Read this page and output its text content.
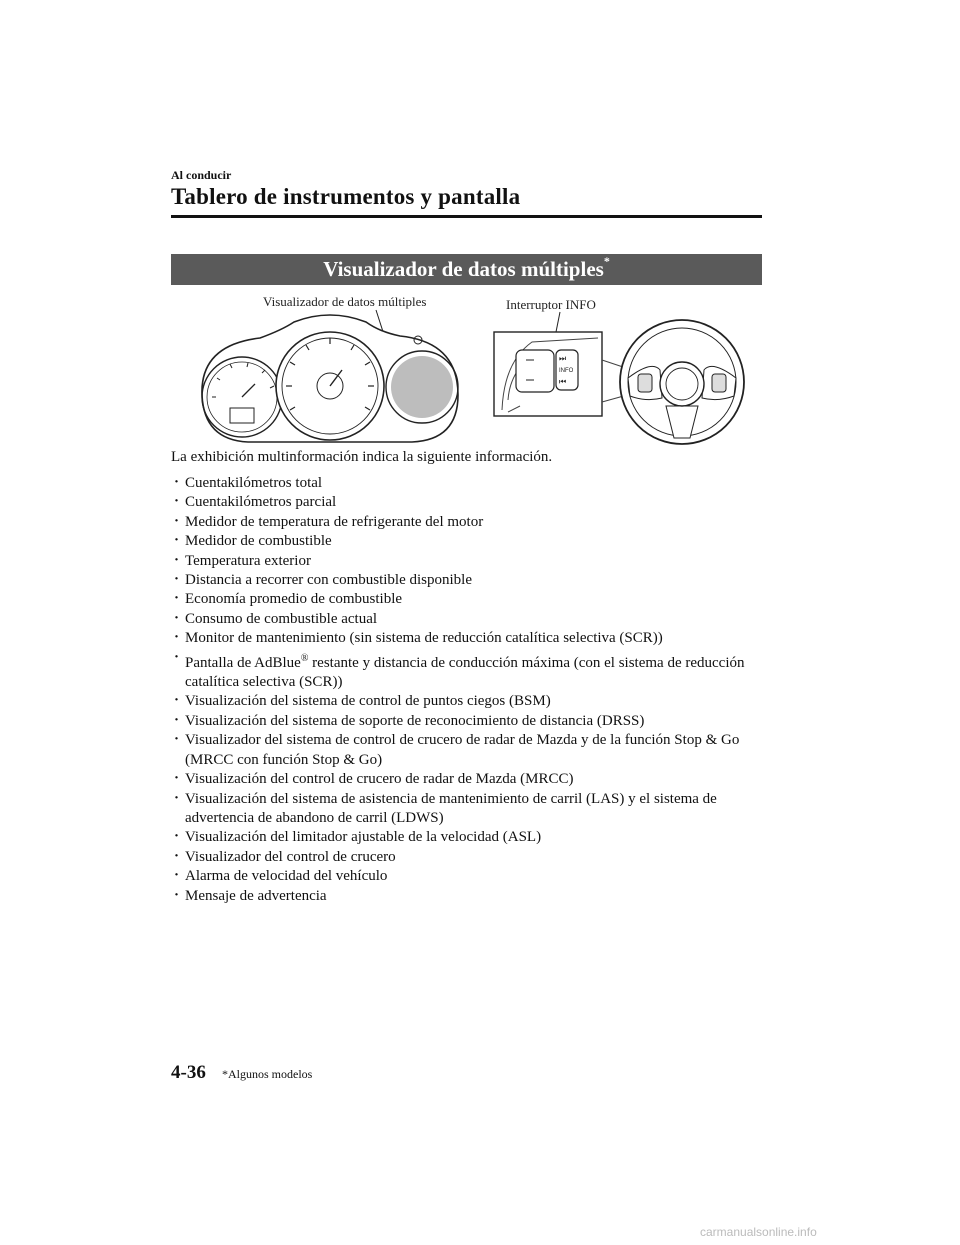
Al conducir
Tablero de instrumentos y pantalla
Visualizador de datos múltiples*
Visualizador de datos múltiples	Interruptor INFO
⏭
⏮
INFO
La exhibición multinformación indica la siguiente información.
· Cuentakilómetros total
· Cuentakilómetros parcial
· Medidor de temperatura de refrigerante del motor
· Medidor de combustible
· Temperatura exterior
· Distancia a recorrer con combustible disponible
· Economía promedio de combustible
· Consumo de combustible actual
· Monitor de mantenimiento (sin sistema de reducción catalítica selectiva (SCR))
· Pantalla de AdBlue® restante y distancia de conducción máxima (con el sistema de reducción catalítica selectiva (SCR))
· Visualización del sistema de control de puntos ciegos (BSM)
· Visualización del sistema de soporte de reconocimiento de distancia (DRSS)
· Visualizador del sistema de control de crucero de radar de Mazda y de la función Stop & Go (MRCC con función Stop & Go)
· Visualización del control de crucero de radar de Mazda (MRCC)
· Visualización del sistema de asistencia de mantenimiento de carril (LAS) y el sistema de advertencia de abandono de carril (LDWS)
· Visualización del limitador ajustable de la velocidad (ASL)
· Visualizador del control de crucero
· Alarma de velocidad del vehículo
· Mensaje de advertencia
4-36 *Algunos modelos
carmanualsonline.info
